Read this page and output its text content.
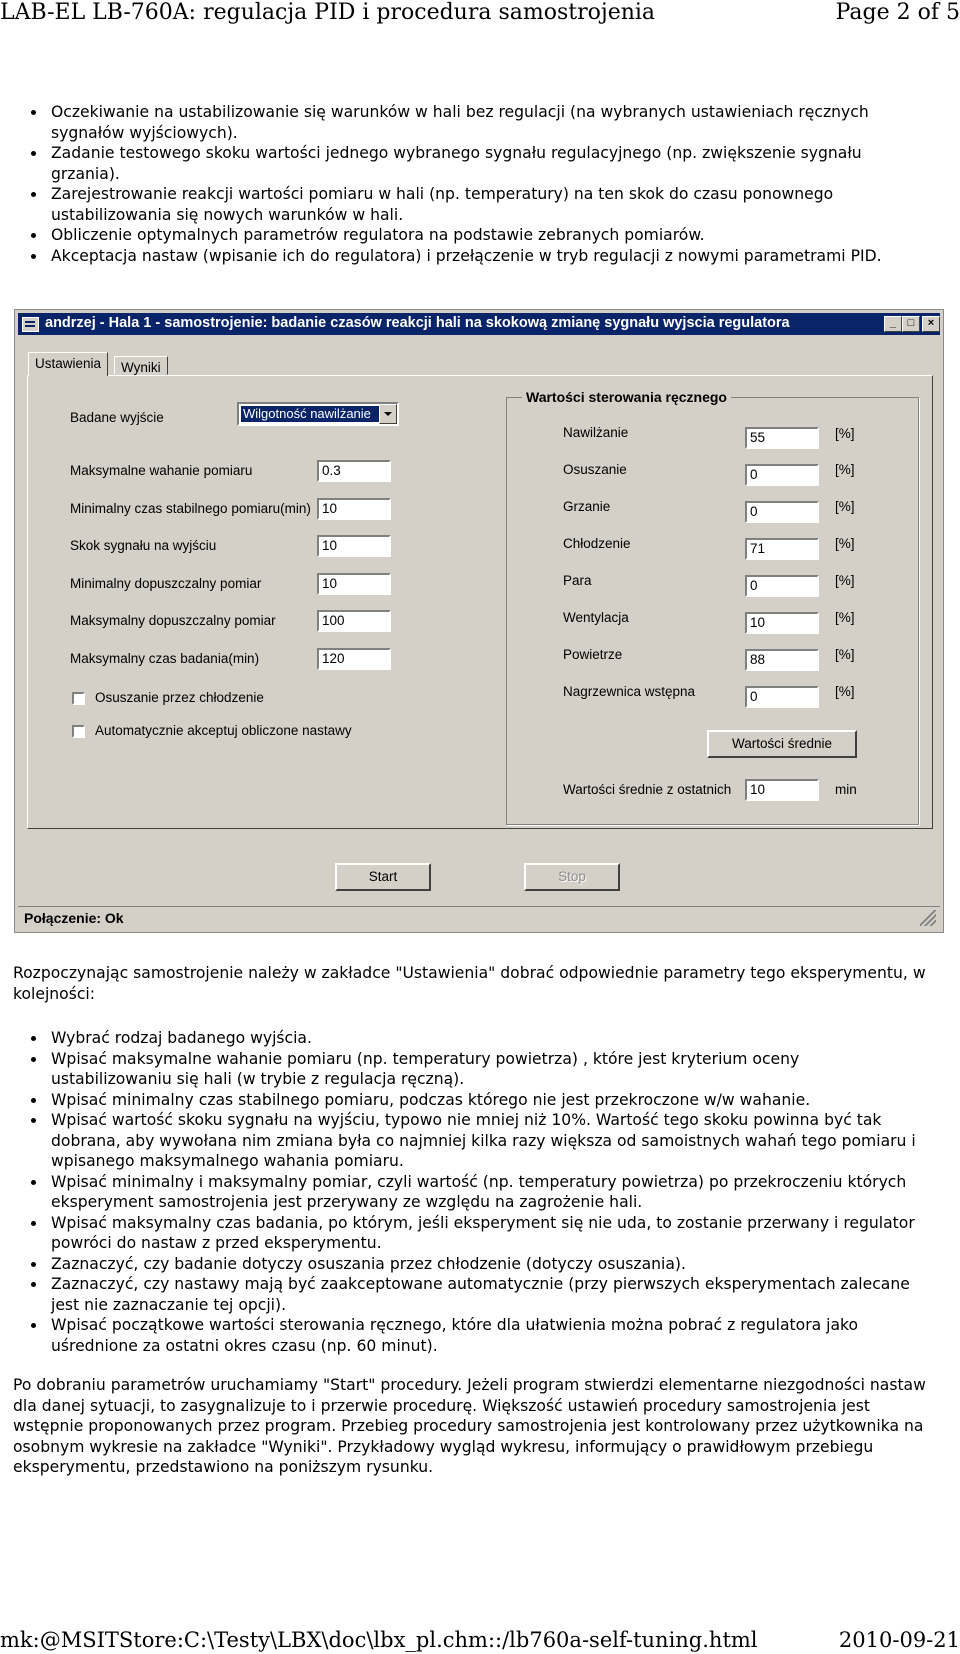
LAB-EL LB-760A: regulacja PID i procedura samostrojenia	Page 2 of 5
Oczekiwanie na ustabilizowanie się warunków w hali bez regulacji (na wybranych ustawieniach ręcznych sygnałów wyjściowych).
Zadanie testowego skoku wartości jednego wybranego sygnału regulacyjnego (np. zwiększenie sygnału grzania).
Zarejestrowanie reakcji wartości pomiaru w hali (np. temperatury) na ten skok do czasu ponownego ustabilizowania się nowych warunków w hali.
Obliczenie optymalnych parametrów regulatora na podstawie zebranych pomiarów.
Akceptacja nastaw (wpisanie ich do regulatora) i przełączenie w tryb regulacji z nowymi parametrami PID.
andrzej - Hala 1 - samostrojenie: badanie czasów reakcji hali na skokową zmianę sygnału wyjscia regulatora	_	□	×
Ustawienia	Wyniki
Badane wyjście	Wilgotność nawilżanie
Maksymalne wahanie pomiaru	0.3
Minimalny czas stabilnego pomiaru(min) 10
Skok sygnału na wyjściu	10
Minimalny dopuszczalny pomiar	10
Maksymalny dopuszczalny pomiar	100
Maksymalny czas badania(min)	120
Osuszanie przez chłodzenie
Automatycznie akceptuj obliczone nastawy
Wartości sterowania ręcznego
Nawilżanie	55	[%]
Osuszanie	0	[%]
Grzanie	0	[%]
Chłodzenie	71	[%]
Para	0	[%]
Wentylacja	10	[%]
Powietrze	88	[%]
Nagrzewnica wstępna	0	[%]
Wartości średnie
Wartości średnie z ostatnich	10	min
Start	Stop
Połączenie: Ok

Rozpoczynając samostrojenie należy w zakładce "Ustawienia" dobrać odpowiednie parametry tego eksperymentu, w kolejności:

Wybrać rodzaj badanego wyjścia.
Wpisać maksymalne wahanie pomiaru (np. temperatury powietrza) , które jest kryterium oceny ustabilizowaniu się hali (w trybie z regulacja ręczną).
Wpisać minimalny czas stabilnego pomiaru, podczas którego nie jest przekroczone w/w wahanie.
Wpisać wartość skoku sygnału na wyjściu, typowo nie mniej niż 10%. Wartość tego skoku powinna być tak dobrana, aby wywołana nim zmiana była co najmniej kilka razy większa od samoistnych wahań tego pomiaru i wpisanego maksymalnego wahania pomiaru.
Wpisać minimalny i maksymalny pomiar, czyli wartość (np. temperatury powietrza) po przekroczeniu których eksperyment samostrojenia jest przerywany ze względu na zagrożenie hali.
Wpisać maksymalny czas badania, po którym, jeśli eksperyment się nie uda, to zostanie przerwany i regulator powróci do nastaw z przed eksperymentu.
Zaznaczyć, czy badanie dotyczy osuszania przez chłodzenie (dotyczy osuszania).
Zaznaczyć, czy nastawy mają być zaakceptowane automatycznie (przy pierwszych eksperymentach zalecane jest nie zaznaczanie tej opcji).
Wpisać początkowe wartości sterowania ręcznego, które dla ułatwienia można pobrać z regulatora jako uśrednione za ostatni okres czasu (np. 60 minut).

Po dobraniu parametrów uruchamiamy "Start" procedury. Jeżeli program stwierdzi elementarne niezgodności nastaw dla danej sytuacji, to zasygnalizuje to i przerwie procedurę. Większość ustawień procedury samostrojenia jest wstępnie proponowanych przez program. Przebieg procedury samostrojenia jest kontrolowany przez użytkownika na osobnym wykresie na zakładce "Wyniki". Przykładowy wygląd wykresu, informujący o prawidłowym przebiegu eksperymentu, przedstawiono na poniższym rysunku.

mk:@MSITStore:C:\Testy\LBX\doc\lbx_pl.chm::/lb760a-self-tuning.html	2010-09-21
